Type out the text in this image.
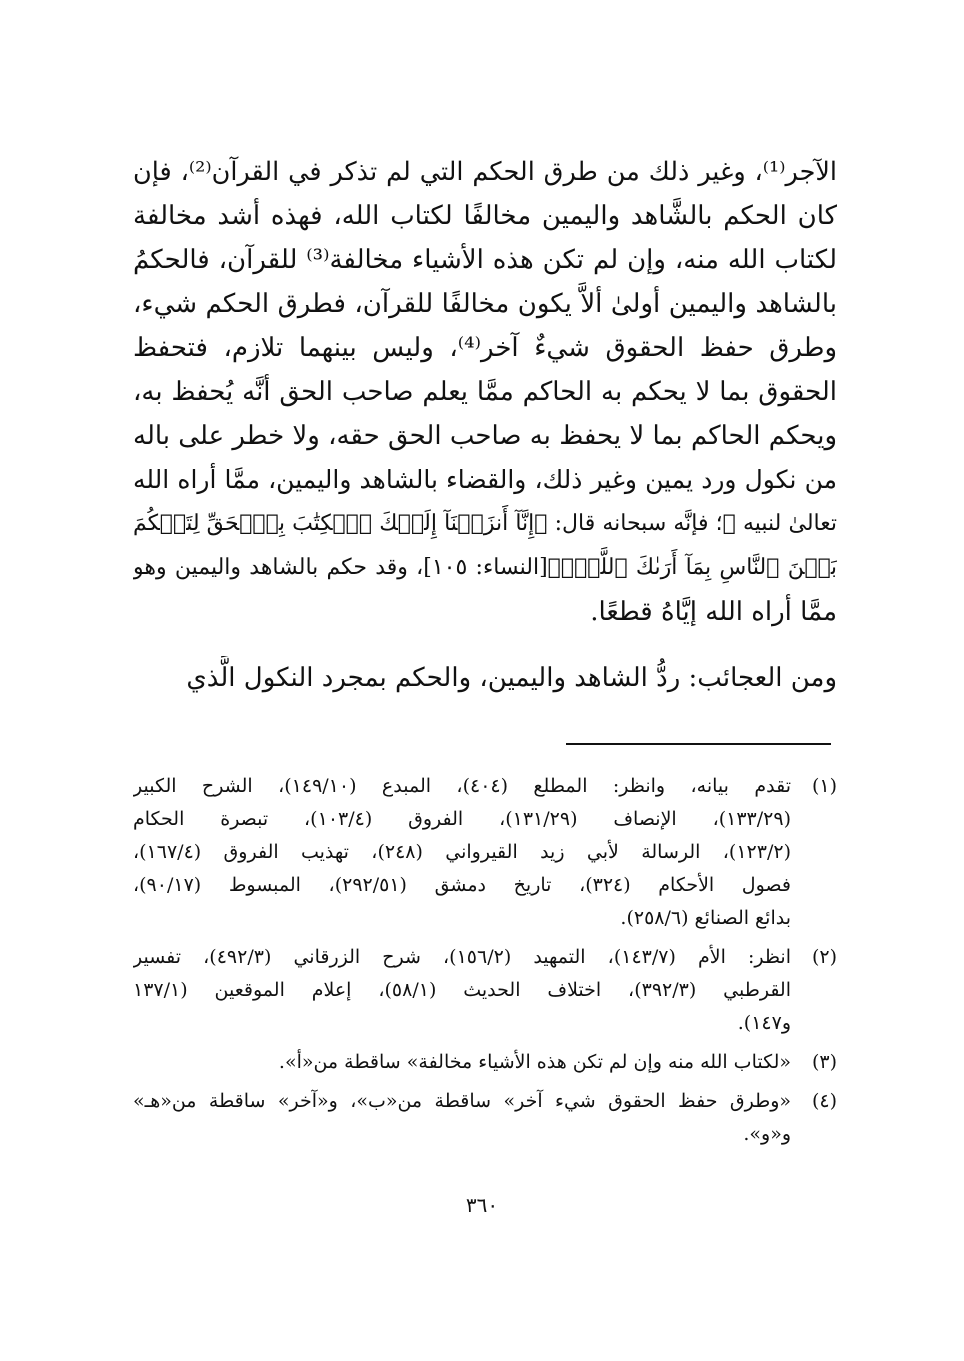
الآجر⁽¹⁾، وغير ذلك من طرق الحكم التي لم تذكر في القرآن⁽²⁾، فإن
كان الحكم بالشَّاهد واليمين مخالفًا لكتاب الله، فهذه أشد مخالفة
لكتاب الله منه، وإن لم تكن هذه الأشياء مخالفة⁽³⁾ للقرآن، فالحكمُ
بالشاهد واليمين أولىٰ ألاَّ يكون مخالفًا للقرآن، فطرق الحكم شيء،
وطرق حفظ الحقوق شيءٌ آخر⁽⁴⁾، وليس بينهما تلازم، فتحفظ
الحقوق بما لا يحكم به الحاكم ممَّا يعلم صاحب الحق أنَّه يُحفظ به،
ويحكم الحاكم بما لا يحفظ به صاحب الحق حقه، ولا خطر على باله
من نكول ورد يمين وغير ذلك، والقضاء بالشاهد واليمين، ممَّا أراه الله
تعالىٰ لنبيه ﷺ؛ فإنَّه سبحانه قال: ﴿إِنَّآ أَنزَلۡنَآ إِلَيۡكَ ٱلۡكِتَٰبَ بِٱلۡحَقِّ لِتَحۡكُمَ
بَيۡنَ ٱلنَّاسِ بِمَآ أَرَىٰكَ ٱللَّهُۚ﴾[النساء: ١٠٥]، وقد حكم بالشاهد واليمين وهو
ممَّا أراه الله إيَّاهُ قطعًا.
ومن العجائب: ردُّ الشاهد واليمين، والحكم بمجرد النكول الَّذي
(١)
تقدم بيانه، وانظر: المطلع (٤٠٤)، المبدع (١٤٩/١٠)، الشرح الكبير
(١٣٣/٢٩)، الإنصاف (١٣١/٢٩)، الفروق (١٠٣/٤)، تبصرة الحكام
(١٢٣/٢)، الرسالة لأبي زيد القيرواني (٢٤٨)، تهذيب الفروق (١٦٧/٤)،
فصول الأحكام (٣٢٤)، تاريخ دمشق (٢٩٢/٥١)، المبسوط (٩٠/١٧)،
بدائع الصنائع (٢٥٨/٦).
(٢)
انظر: الأم (١٤٣/٧)، التمهيد (١٥٦/٢)، شرح الزرقاني (٤٩٢/٣)، تفسير
القرطبي (٣٩٢/٣)، اختلاف الحديث (٥٨/١)، إعلام الموقعين (١٣٧/١
و١٤٧).
(٣)
«لكتاب الله منه وإن لم تكن هذه الأشياء مخالفة» ساقطة من«أ».
(٤)
«وطرق حفظ الحقوق شيء آخر» ساقطة من«ب»، و«آخر» ساقطة من«هـ»
و«و».
٣٦٠
